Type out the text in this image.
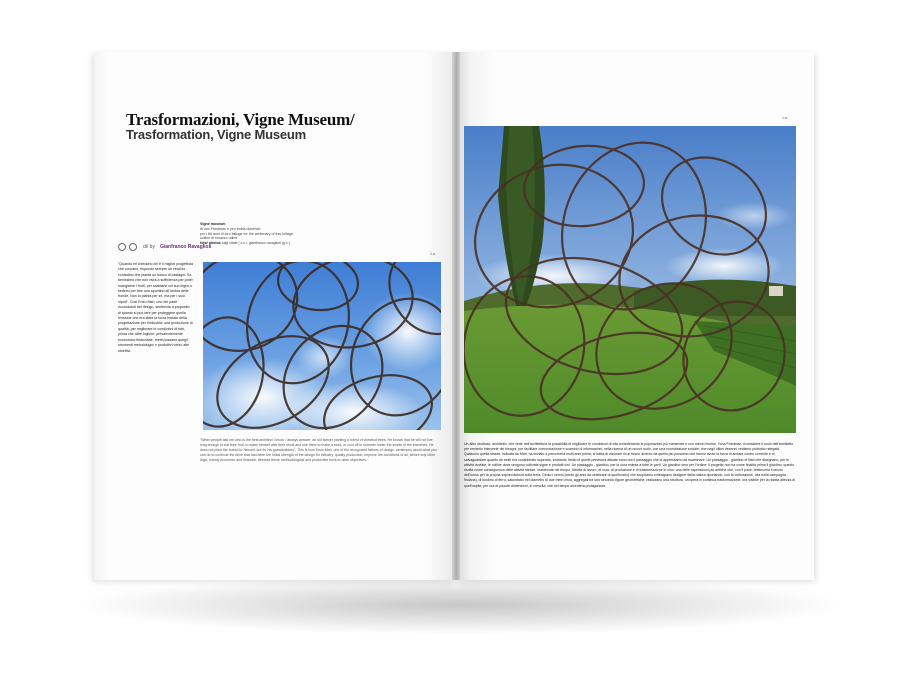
Trasformazioni, Vigne Museum/
Trasformation, Vigne Museum
Vigne museum
di uno Friedman e yen bolda docendo
per i 66 anni di loro fattoge for the centenary of this foliage
colline di rosazzo udine
foto/ photos luigi vitale | c.c.l. gianfranco ravaglioli (g.c.)
di/ by Gianfranco Ravaglioli
1.a.
1.a.

"Quando mi chiedono chi è il miglior progettista che conosco, rispondo sempre un vecchio contadino che pianta un bosco di castagni. Sa benissimo che non vivrà a sufficienza per poter mangiarne i frutti, per scaldarsi col suo legno o sedersi per fare uno spuntino all'ombra delle fronde. Non lo pianta per sé, ma per i suoi nipoti". Così Enzo Mari, uno dei padri riconosciuti del design, sentenzia a proposito di quanto si può fare per proteggere quella tensione che era stata la forza iniziale della progettazione per l'industria: una produzione di qualità, per migliorare le condizioni di tutti, prima che altre logiche, prevalentemente economico finanziarie, metti possano quegli strumenti metodologici e produttivi verso altri obiettivi.

"When people ask me who is the best architect I know, I always answer: an old farmer planting a forest of chestnut trees. He knows that he will not live long enough to eat their fruit, to warm himself with their wood and use them to make a stool, or cool off in summer under the shade of the branches. He does not plant the forest for himself, but for his grandchildren". This is how Enzo Mari, one of the recognized fathers of design, sentences about what you can do to continue the drive that had been the initial strength of the design for industry: quality production, improve the conditions of all, before any other logic, mainly economic and financial, directed these methodological and productive tools to other objectives.

Un altro studioso, architetto, che vede nell'architettura la possibilità di migliorare le condizioni di vita considerando le popolazioni più numerose e con minori risorse, Yona Friedman, riconsidera il ruolo dell'architetto per renderlo interprete dei bisogni, per facilitare comunicazione e scambio di informazioni, nella ricerca di un nuovo ruolo, con una connotazione sociale, che negli ultimi decenni vediamo piuttosto relegato. Qualcuno quella strada, indicata da Mari, ha iniziato a percorrerla molti anni prima; si tratta di visionari di un futuro diverso da quello più prossimo che hanno avuto la forza di andare contro corrente e di salvaguardare quanto da molti era considerato superato, invitando l'esito di quelle previsioni attuate sono ora il passaggio che ci apprestiamo ad esaminare. Un passaggio - giardino di filari che disegnano, per le attività avviate, le colline dove vengono coltivate vigne e prodotti vini. Un passaggio - giardino, per la cura estesa a tutte le parti. Un giardino vero per l'ordine; il progetto non ha come finalità prima il giardino: questo risulta come conseguenza delle attività stesse, mantenute nel tempo. Attività di lavoro, di cura, di produzione e di trasformazione in vino: una delle espressioni più antiche che, con il pane, testimonia il lavoro dell'uomo per la propria sopravvivenza sulla terra. Cento i cerchi (cento gli anni da celebrare di quell'uomo) che scopriamo entesigiano designer della natura riportando, con la coltivazione, vita nella campagna friulana), di tondino di ferro, calandrato nel diametro di due metri circa, aggregati tra loro secondo figure geometriche, realizzano una struttura, un'opera in continua trasformazione: ora visibile per la ridotta altezza di quell'ospite, per ora di piccole dimensioni, in crescita, che nel tempo diventerà protagonista.
